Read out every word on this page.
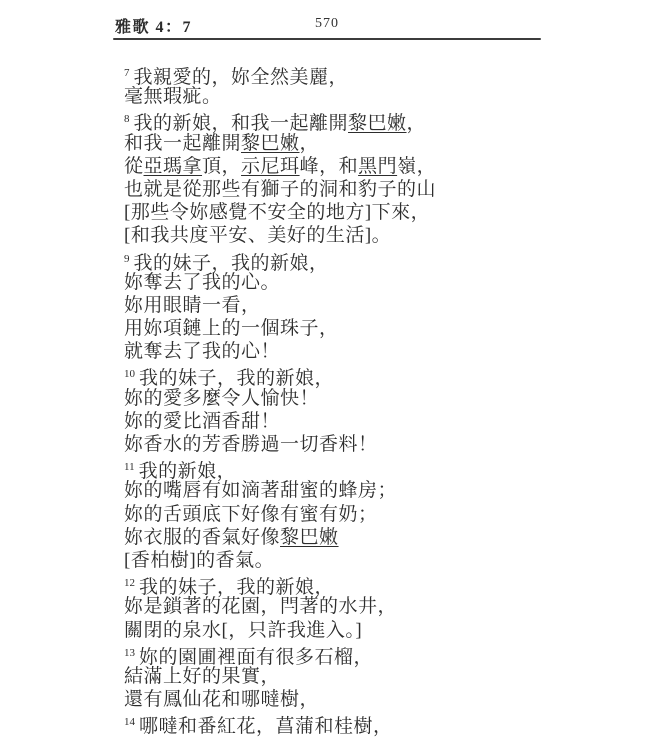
雅歌 4：7	570
7 我親愛的，妳全然美麗，
毫無瑕疵。
8 我的新娘，和我一起離開黎巴嫩，
和我一起離開黎巴嫩，
從亞瑪拿頂，示尼珥峰，和黑門嶺，
也就是從那些有獅子的洞和豹子的山
[那些令妳感覺不安全的地方]下來，
[和我共度平安、美好的生活]。
9 我的妹子，我的新娘，
妳奪去了我的心。
妳用眼睛一看，
用妳項鏈上的一個珠子，
就奪去了我的心！
10 我的妹子，我的新娘，
妳的愛多麼令人愉快！
妳的愛比酒香甜！
妳香水的芳香勝過一切香料！
11 我的新娘，
妳的嘴唇有如滴著甜蜜的蜂房；
妳的舌頭底下好像有蜜有奶；
妳衣服的香氣好像黎巴嫩
[香柏樹]的香氣。
12 我的妹子，我的新娘，
妳是鎖著的花園，閂著的水井，
關閉的泉水[，只許我進入。]
13 妳的園圃裡面有很多石榴，
結滿上好的果實，
還有鳳仙花和哪噠樹，
14 哪噠和番紅花，菖蒲和桂樹，
